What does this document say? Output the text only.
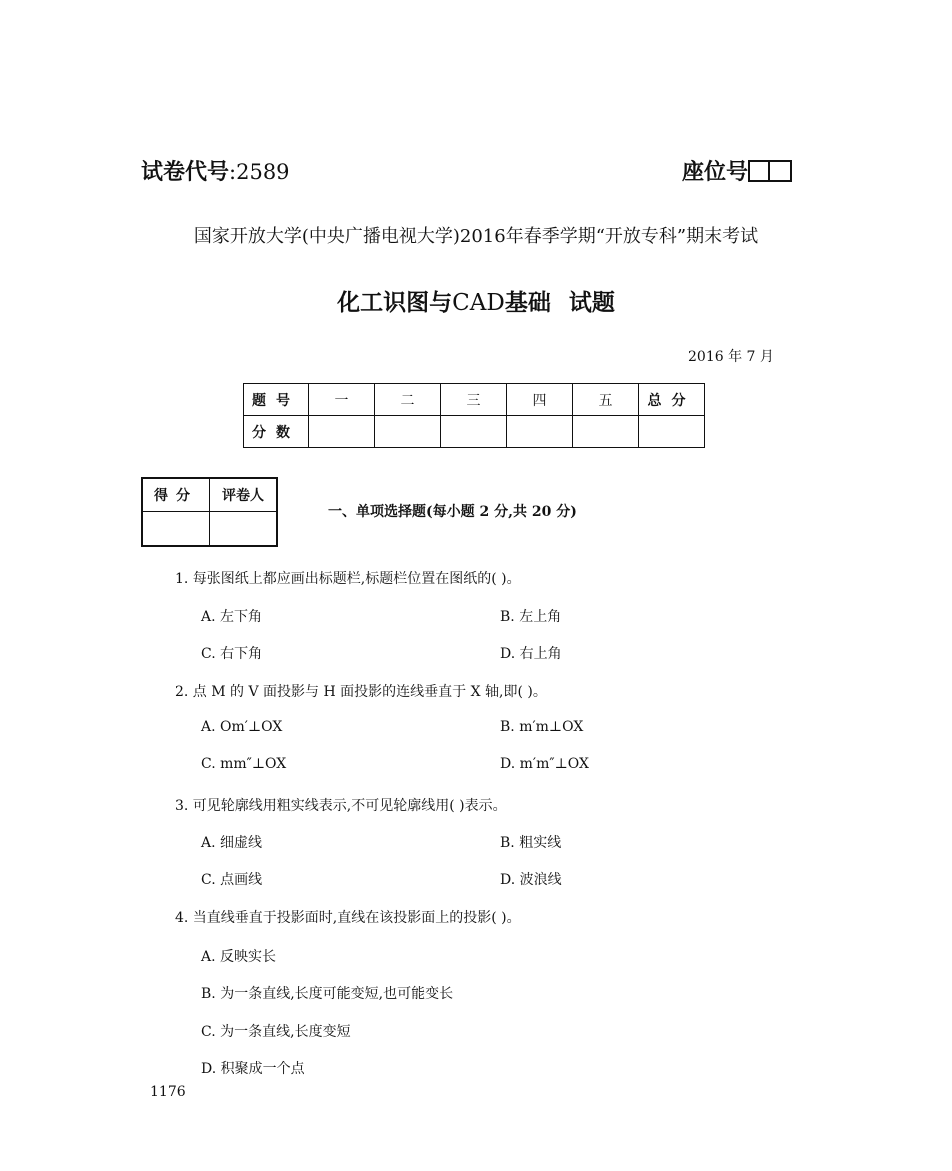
试卷代号:2589	座位号
国家开放大学(中央广播电视大学)2016年春季学期“开放专科”期末考试
化工识图与CAD基础 试题
2016 年 7 月
题号	一	二	三	四	五	总分
分数						
得分	评卷人

一、单项选择题(每小题 2 分,共 20 分)
1. 每张图纸上都应画出标题栏,标题栏位置在图纸的( )。
A. 左下角	B. 左上角
C. 右下角	D. 右上角
2. 点 M 的 V 面投影与 H 面投影的连线垂直于 X 轴,即( )。
A. Om′⊥OX	B. m′m⊥OX
C. mm″⊥OX	D. m′m″⊥OX
3. 可见轮廓线用粗实线表示,不可见轮廓线用( )表示。
A. 细虚线	B. 粗实线
C. 点画线	D. 波浪线
4. 当直线垂直于投影面时,直线在该投影面上的投影( )。
A. 反映实长
B. 为一条直线,长度可能变短,也可能变长
C. 为一条直线,长度变短
D. 积聚成一个点
1176
